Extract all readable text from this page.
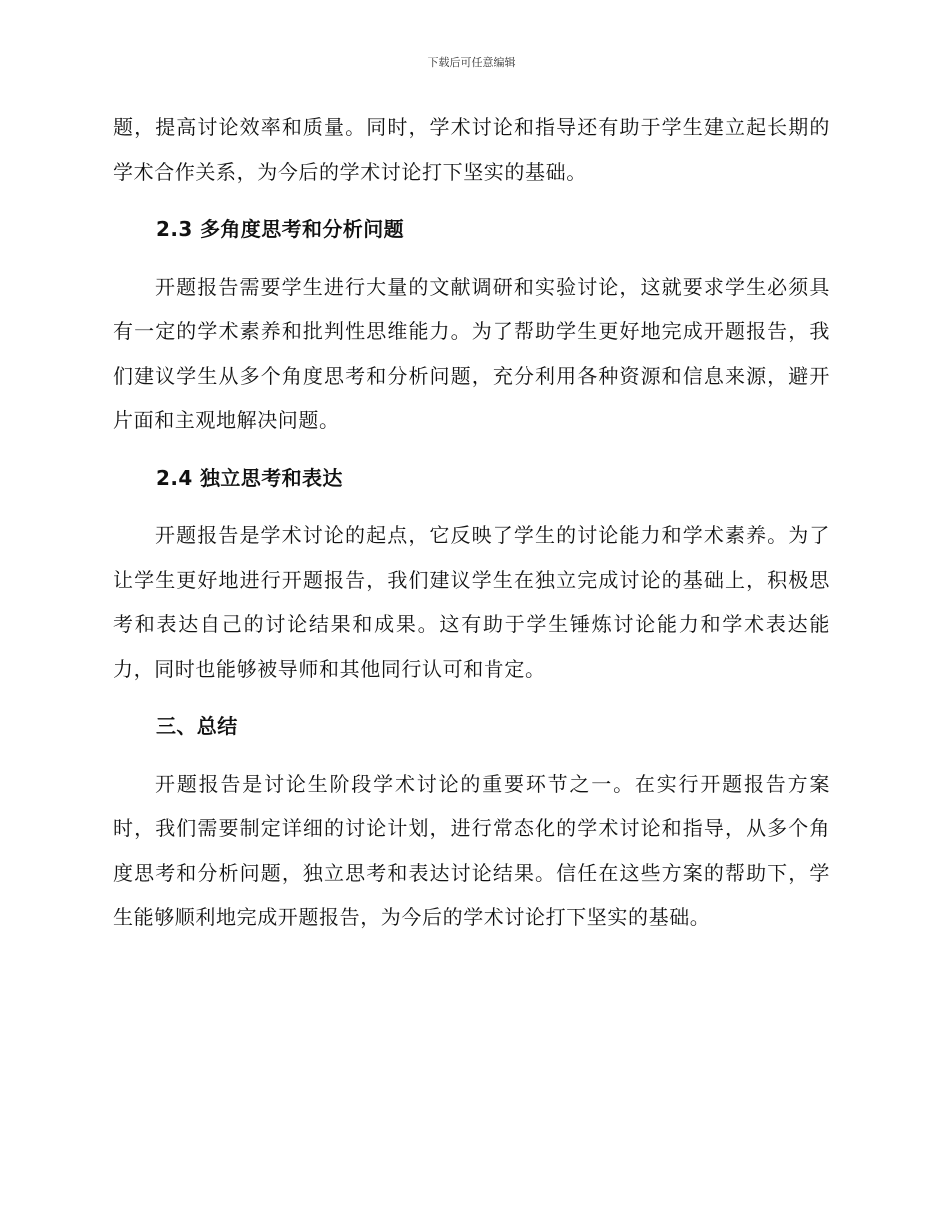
下载后可任意编辑

题，提高讨论效率和质量。同时，学术讨论和指导还有助于学生建立起长期的学术合作关系，为今后的学术讨论打下坚实的基础。

2.3 多角度思考和分析问题

开题报告需要学生进行大量的文献调研和实验讨论，这就要求学生必须具有一定的学术素养和批判性思维能力。为了帮助学生更好地完成开题报告，我们建议学生从多个角度思考和分析问题，充分利用各种资源和信息来源，避开片面和主观地解决问题。

2.4 独立思考和表达

开题报告是学术讨论的起点，它反映了学生的讨论能力和学术素养。为了让学生更好地进行开题报告，我们建议学生在独立完成讨论的基础上，积极思考和表达自己的讨论结果和成果。这有助于学生锤炼讨论能力和学术表达能力，同时也能够被导师和其他同行认可和肯定。

三、总结

开题报告是讨论生阶段学术讨论的重要环节之一。在实行开题报告方案时，我们需要制定详细的讨论计划，进行常态化的学术讨论和指导，从多个角度思考和分析问题，独立思考和表达讨论结果。信任在这些方案的帮助下，学生能够顺利地完成开题报告，为今后的学术讨论打下坚实的基础。
